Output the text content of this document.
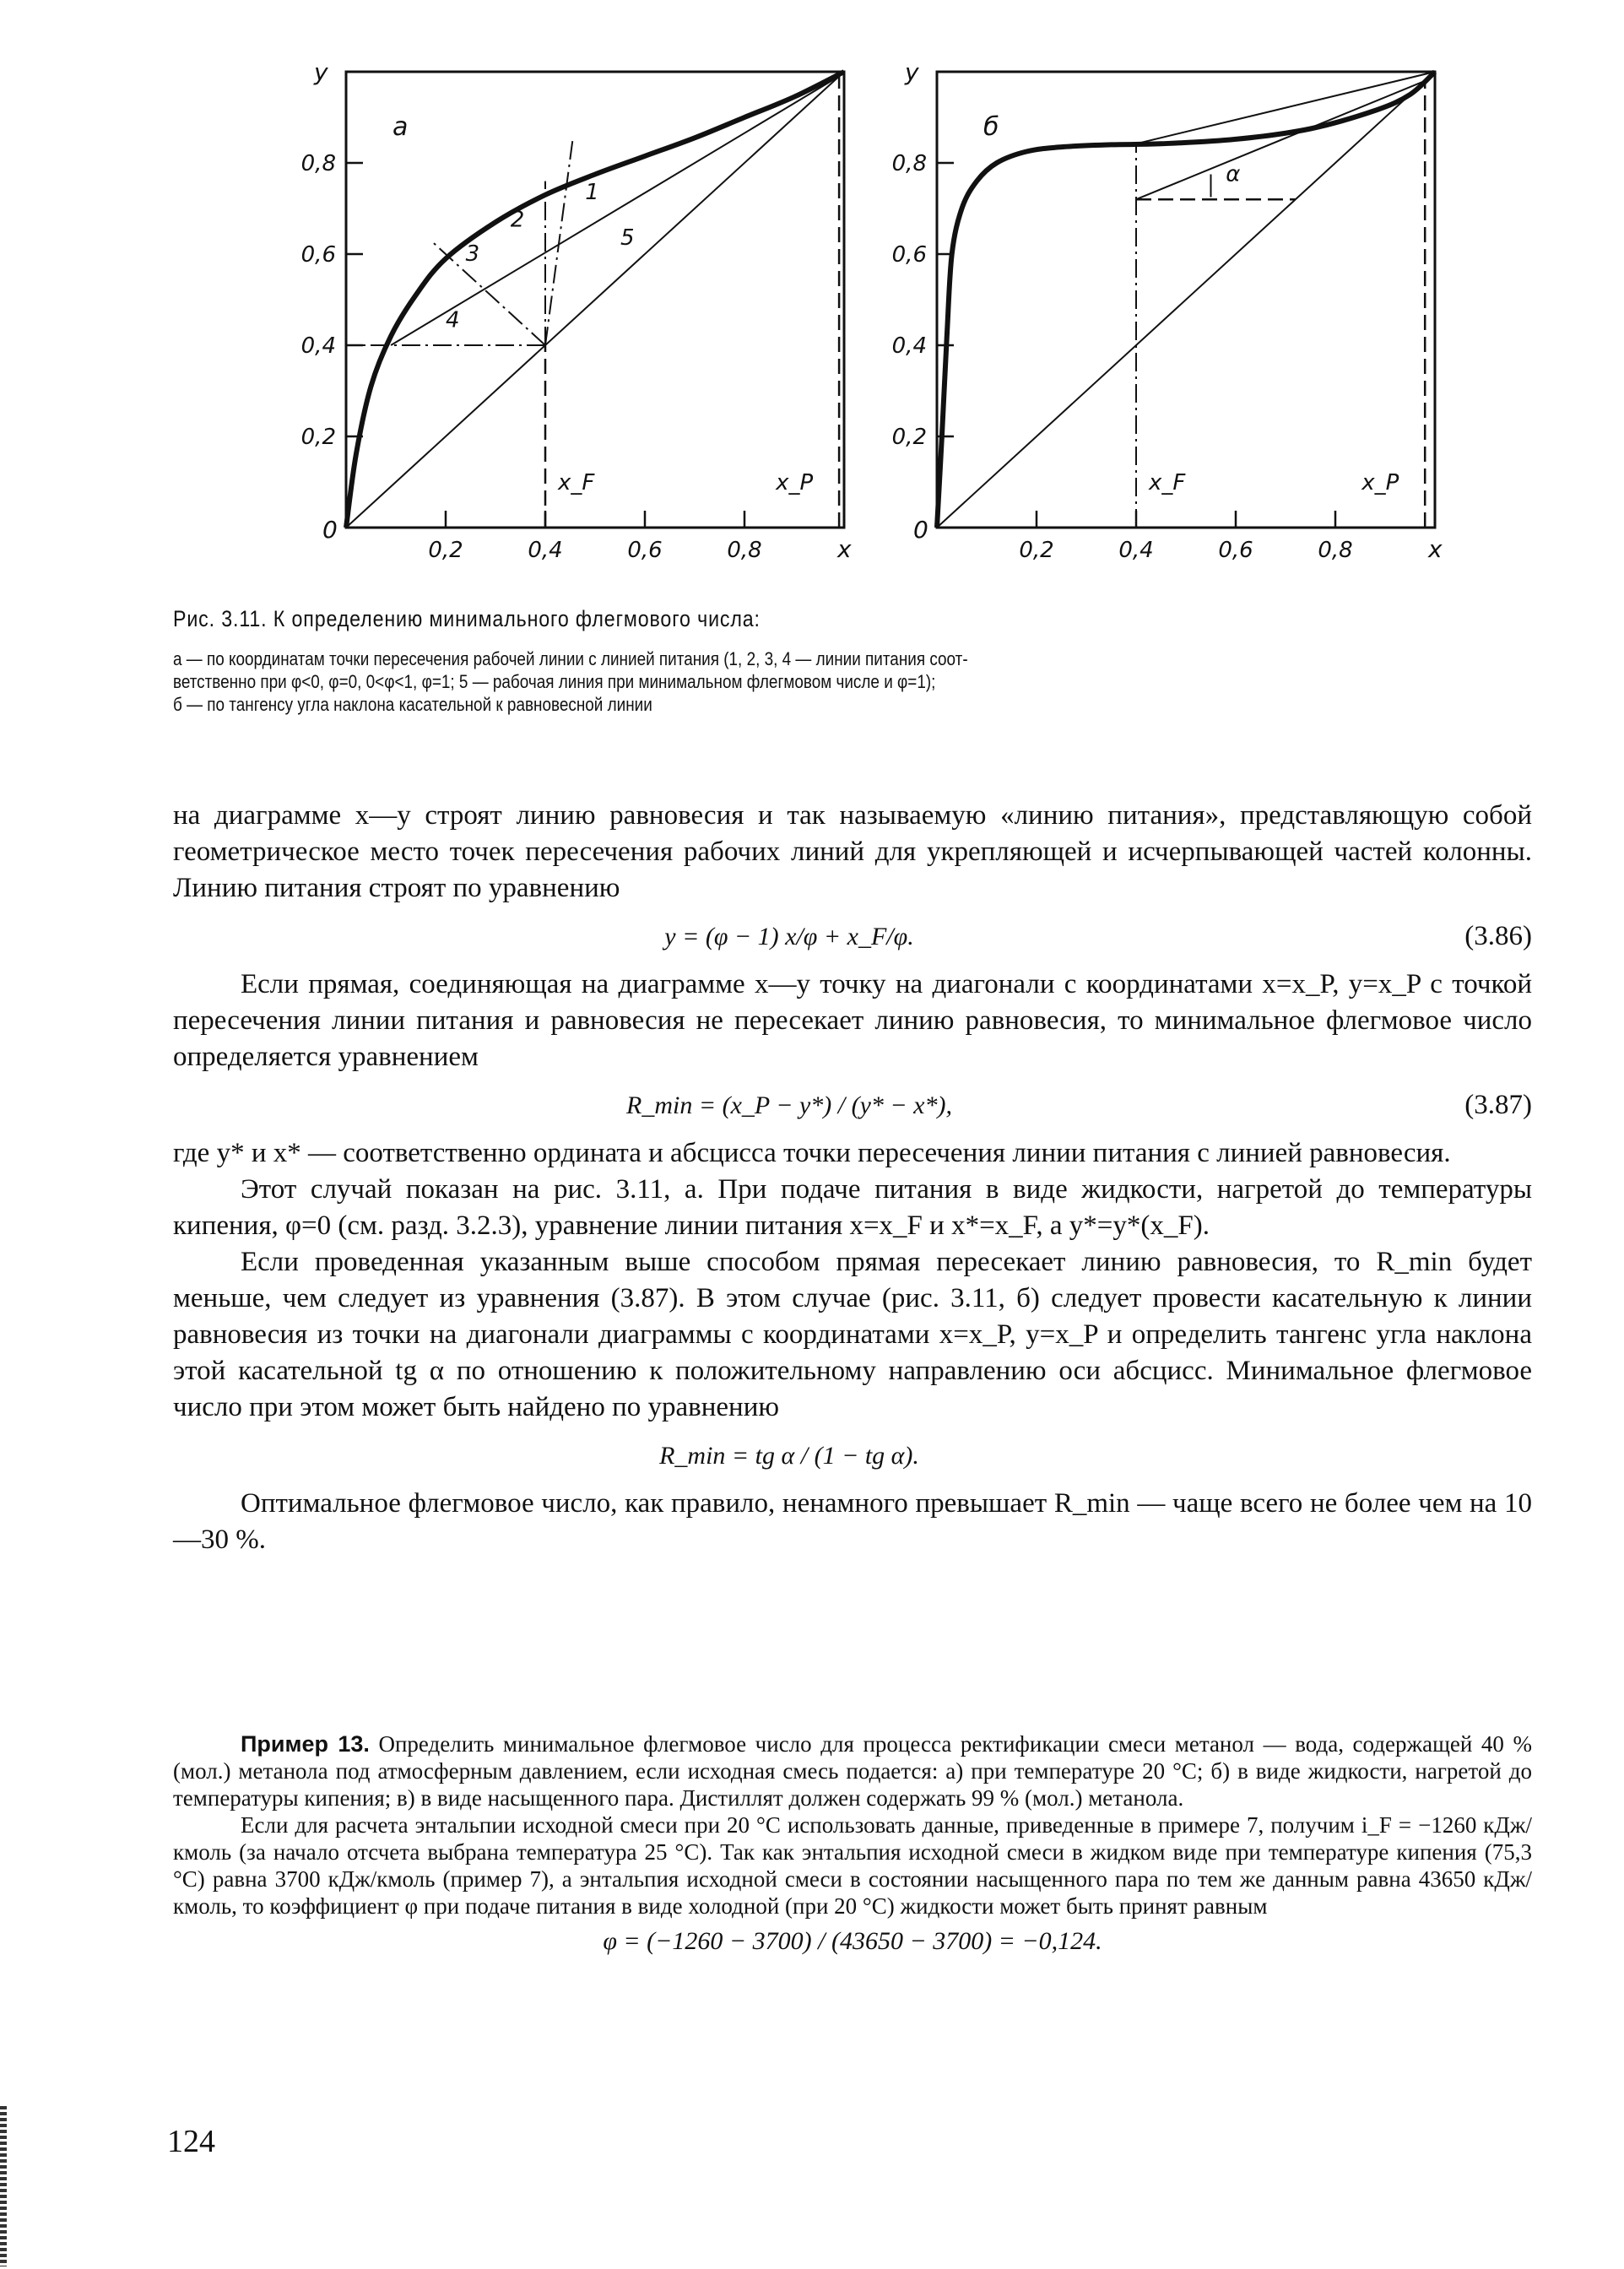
0,2	0,4	0,6	0,8
0,2
0,4
0,6
0,8
0
y
x
а
1
2
3
4
5
x_F	x_P
0,2	0,4	0,6	0,8
0,2
0,4
0,6
0,8
0
y
x
б
x_F	x_P
α
Рис. 3.11. К определению минимального флегмового числа:

а — по координатам точки пересечения рабочей линии с линией питания (1, 2, 3, 4 — линии питания соот-

ветственно при φ<0, φ=0, 0<φ<1, φ=1; 5 — рабочая линия при минимальном флегмовом числе и φ=1);

б — по тангенсу угла наклона касательной к равновесной линии

на диаграмме x—y строят линию равновесия и так называемую «линию питания», представляющую собой геометрическое место точек пересечения рабочих линий для укрепляющей и исчерпывающей частей колонны. Линию питания строят по уравнению

y = (φ − 1) x/φ + x_F/φ.	(3.86)

Если прямая, соединяющая на диаграмме x—y точку на диагонали с координатами x=x_P, y=x_P с точкой пересечения линии питания и равновесия не пересекает линию равновесия, то минимальное флегмовое число определяется уравнением

R_min = (x_P − y*) / (y* − x*),	(3.87)

где y* и x* — соответственно ордината и абсцисса точки пересечения линии питания с линией равновесия.

Этот случай показан на рис. 3.11, а. При подаче питания в виде жидкости, нагретой до температуры кипения, φ=0 (см. разд. 3.2.3), уравнение линии питания x=x_F и x*=x_F, а y*=y*(x_F).

Если проведенная указанным выше способом прямая пересекает линию равновесия, то R_min будет меньше, чем следует из уравнения (3.87). В этом случае (рис. 3.11, б) следует провести касательную к линии равновесия из точки на диагонали диаграммы с координатами x=x_P, y=x_P и определить тангенс угла наклона этой касательной tg α по отношению к положительному направлению оси абсцисс. Минимальное флегмовое число при этом может быть найдено по уравнению

R_min = tg α / (1 − tg α).

Оптимальное флегмовое число, как правило, ненамного превышает R_min — чаще всего не более чем на 10—30 %.

Пример 13. Определить минимальное флегмовое число для процесса ректификации смеси метанол — вода, содержащей 40 % (мол.) метанола под атмосферным давлением, если исходная смесь подается: а) при температуре 20 °С; б) в виде жидкости, нагретой до температуры кипения; в) в виде насыщенного пара. Дистиллят должен содержать 99 % (мол.) метанола.

Если для расчета энтальпии исходной смеси при 20 °С использовать данные, приведенные в примере 7, получим i_F = −1260 кДж/кмоль (за начало отсчета выбрана температура 25 °С). Так как энтальпия исходной смеси в жидком виде при температуре кипения (75,3 °С) равна 3700 кДж/кмоль (пример 7), а энтальпия исходной смеси в состоянии насыщенного пара по тем же данным равна 43650 кДж/кмоль, то коэффициент φ при подаче питания в виде холодной (при 20 °С) жидкости может быть принят равным

φ = (−1260 − 3700) / (43650 − 3700) = −0,124.
124
